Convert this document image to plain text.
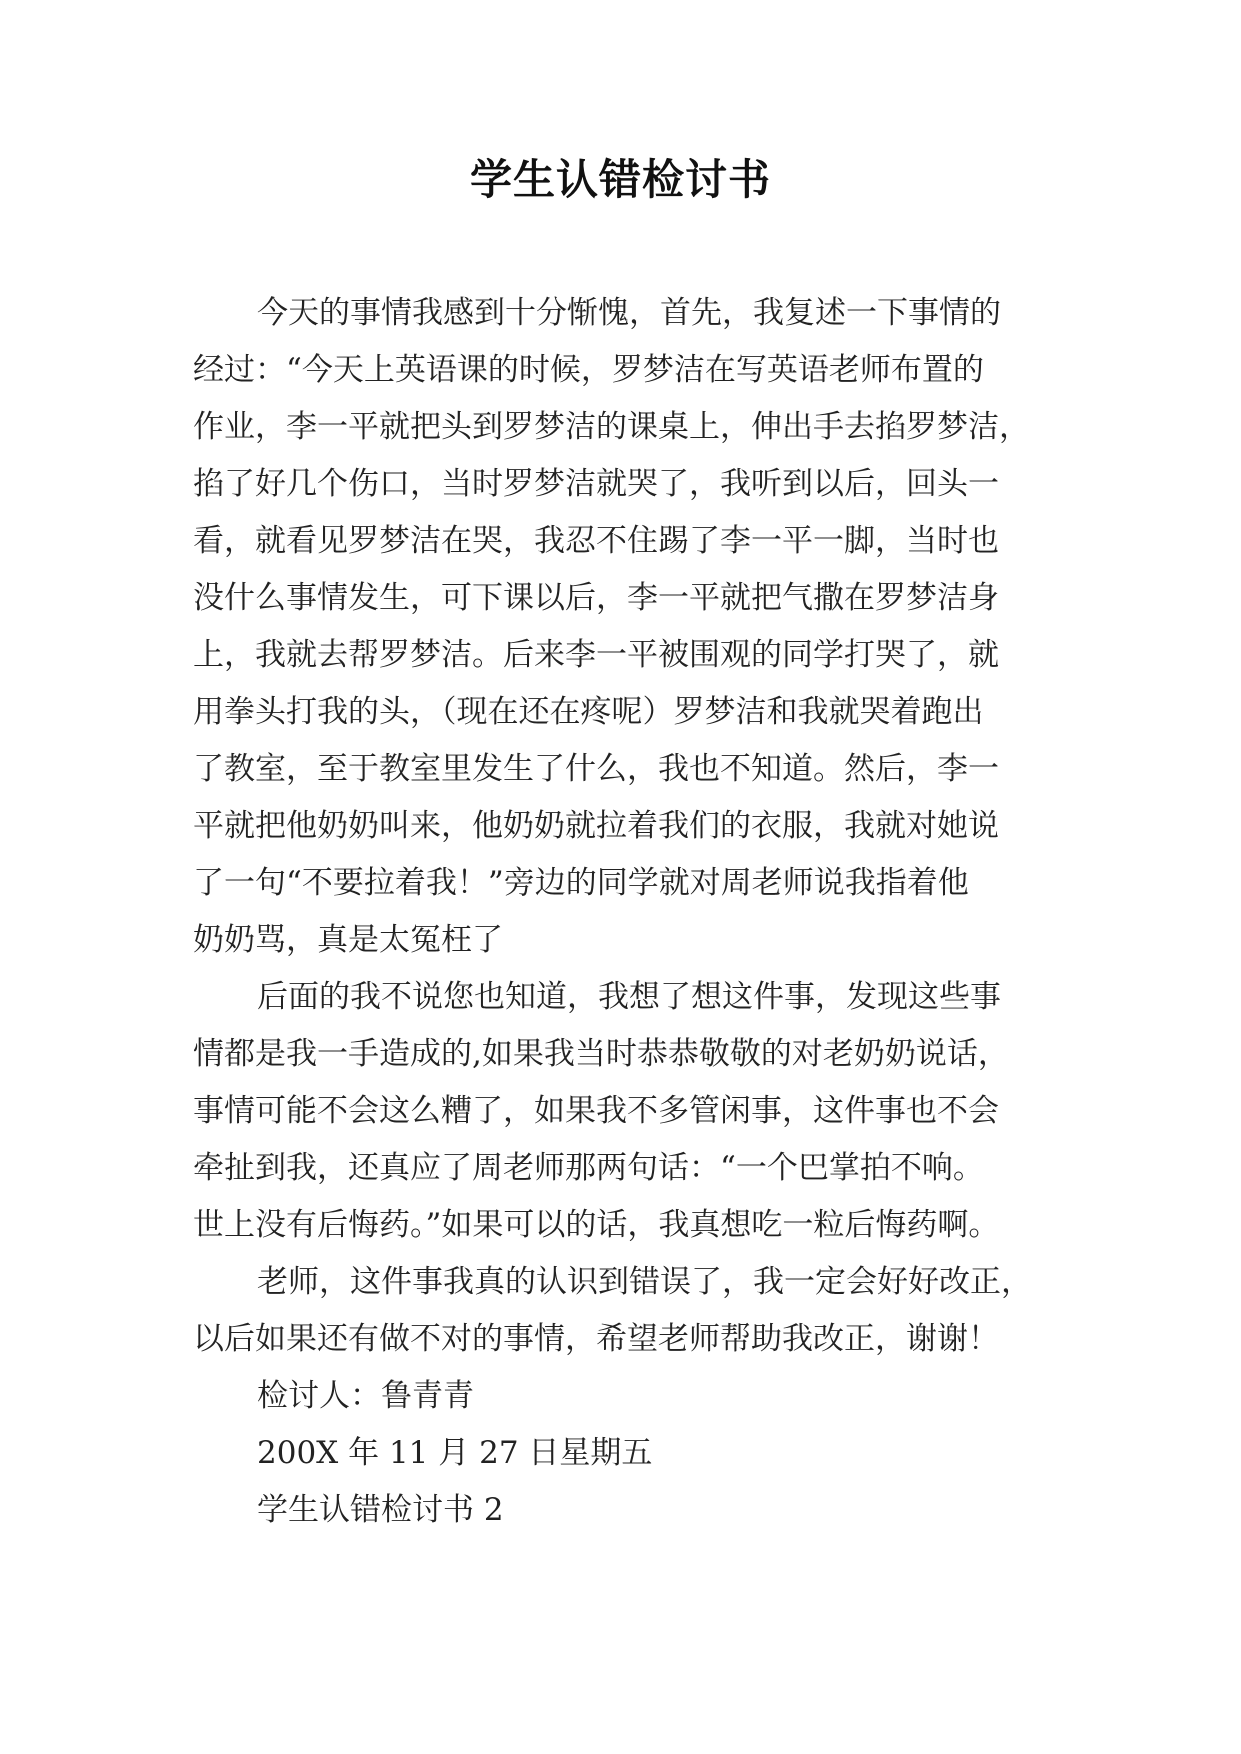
学生认错检讨书

今天的事情我感到十分惭愧，首先，我复述一下事情的

经过：“今天上英语课的时候，罗梦洁在写英语老师布置的

作业，李一平就把头到罗梦洁的课桌上，伸出手去掐罗梦洁，

掐了好几个伤口，当时罗梦洁就哭了，我听到以后，回头一

看，就看见罗梦洁在哭，我忍不住踢了李一平一脚，当时也

没什么事情发生，可下课以后，李一平就把气撒在罗梦洁身

上，我就去帮罗梦洁。后来李一平被围观的同学打哭了，就

用拳头打我的头，（现在还在疼呢）罗梦洁和我就哭着跑出

了教室，至于教室里发生了什么，我也不知道。然后，李一

平就把他奶奶叫来，他奶奶就拉着我们的衣服，我就对她说

了一句“不要拉着我！”旁边的同学就对周老师说我指着他

奶奶骂，真是太冤枉了

后面的我不说您也知道，我想了想这件事，发现这些事

情都是我一手造成的,如果我当时恭恭敬敬的对老奶奶说话，

事情可能不会这么糟了，如果我不多管闲事，这件事也不会

牵扯到我，还真应了周老师那两句话：“一个巴掌拍不响。

世上没有后悔药。”如果可以的话，我真想吃一粒后悔药啊。

老师，这件事我真的认识到错误了，我一定会好好改正，

以后如果还有做不对的事情，希望老师帮助我改正，谢谢！

检讨人：鲁青青

200X 年 11 月 27 日星期五

学生认错检讨书 2
